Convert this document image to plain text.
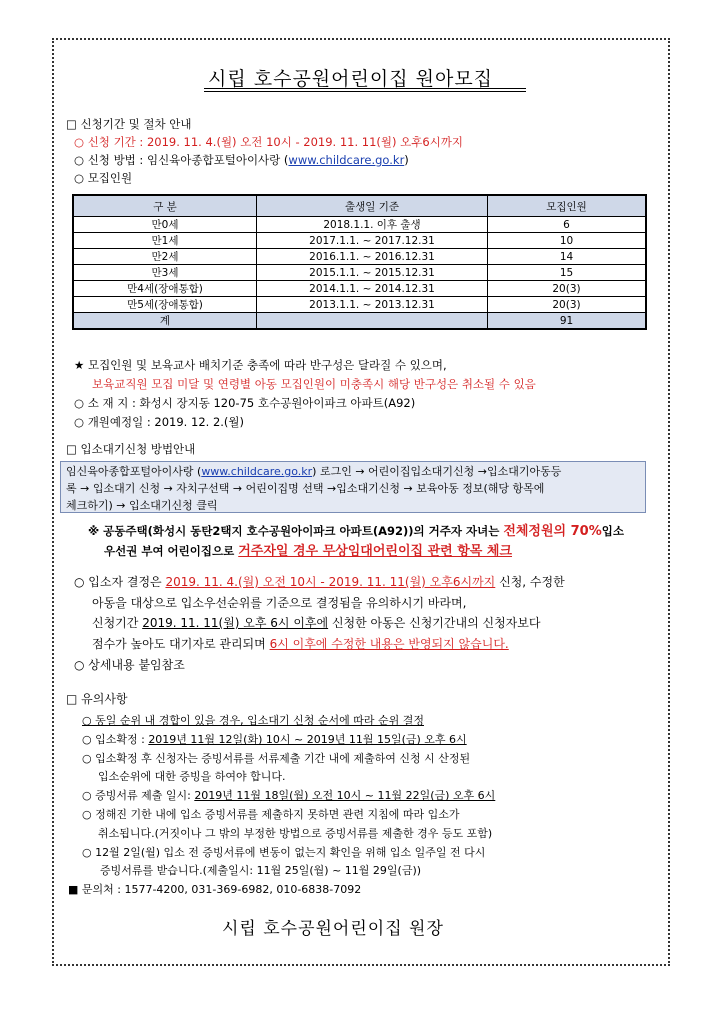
시립 호수공원어린이집 원아모집
□ 신청기간 및 절차 안내
○ 신청 기간 : 2019. 11. 4.(월) 오전 10시 - 2019. 11. 11(월) 오후6시까지
○ 신청 방법 : 임신육아종합포털아이사랑 (www.childcare.go.kr)
○ 모집인원
구 분	출생일 기준	모집인원
만0세	2018.1.1. 이후 출생	6
만1세	2017.1.1. ~ 2017.12.31	10
만2세	2016.1.1. ~ 2016.12.31	14
만3세	2015.1.1. ~ 2015.12.31	15
만4세(장애통합)	2014.1.1. ~ 2014.12.31	20(3)
만5세(장애통합)	2013.1.1. ~ 2013.12.31	20(3)
계		91
★ 모집인원 및 보육교사 배치기준 충족에 따라 반구성은 달라질 수 있으며,
보육교직원 모집 미달 및 연령별 아동 모집인원이 미충족시 해당 반구성은 취소될 수 있음
○ 소 재 지 : 화성시 장지동 120-75 호수공원아이파크 아파트(A92)
○ 개원예정일 : 2019. 12. 2.(월)
□ 입소대기신청 방법안내
임신육아종합포털아이사랑 (www.childcare.go.kr) 로그인 → 어린이집입소대기신청 →입소대기아동등
록 → 입소대기 신청 → 자치구선택 → 어린이집명 선택 →입소대기신청 → 보육아동 정보(해당 항목에
체크하기) → 입소대기신청 클릭
※ 공동주택(화성시 동탄2택지 호수공원아이파크 아파트(A92))의 거주자 자녀는 전체정원의 70%입소
우선권 부여 어린이집으로 거주자일 경우 무상임대어린이집 관련 항목 체크
○ 입소자 결정은 2019. 11. 4.(월) 오전 10시 - 2019. 11. 11(월) 오후6시까지 신청, 수정한
아동을 대상으로 입소우선순위를 기준으로 결정됨을 유의하시기 바라며,
신청기간 2019. 11. 11(월) 오후 6시 이후에 신청한 아동은 신청기간내의 신청자보다
점수가 높아도 대기자로 관리되며 6시 이후에 수정한 내용은 반영되지 않습니다.
○ 상세내용 붙임참조
□ 유의사항
○ 동일 순위 내 경합이 있을 경우, 입소대기 신청 순서에 따라 순위 결정
○ 입소확정 : 2019년 11월 12일(화) 10시 ~ 2019년 11월 15일(금) 오후 6시
○ 입소확정 후 신청자는 증빙서류를 서류제출 기간 내에 제출하여 신청 시 산정된
입소순위에 대한 증빙을 하여야 합니다.
○ 증빙서류 제출 일시: 2019년 11월 18일(월) 오전 10시 ~ 11월 22일(금) 오후 6시
○ 정해진 기한 내에 입소 증빙서류를 제출하지 못하면 관련 지침에 따라 입소가
취소됩니다.(거짓이나 그 밖의 부정한 방법으로 증빙서류를 제출한 경우 등도 포함)
○ 12월 2일(월) 입소 전 증빙서류에 변동이 없는지 확인을 위해 입소 일주일 전 다시
증빙서류를 받습니다.(제출일시: 11월 25일(월) ~ 11월 29일(금))
■ 문의처 : 1577-4200, 031-369-6982, 010-6838-7092
시립 호수공원어린이집 원장
